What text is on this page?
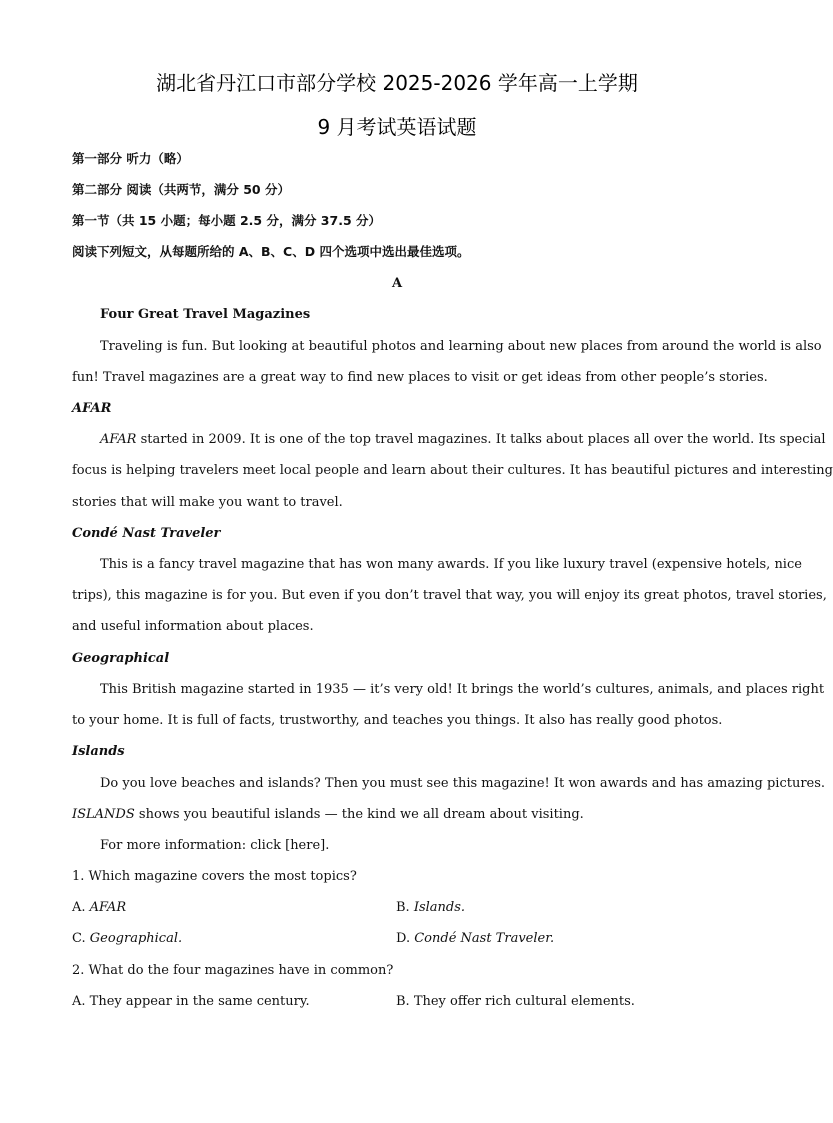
湖北省丹江口市部分学校 2025-2026 学年高一上学期
9 月考试英语试题
第一部分 听力（略）
第二部分 阅读（共两节，满分 50 分）
第一节（共 15 小题；每小题 2.5 分，满分 37.5 分）
阅读下列短文，从每题所给的 A、B、C、D 四个选项中选出最佳选项。
A
Four Great Travel Magazines
Traveling is fun. But looking at beautiful photos and learning about new places from around the world is also
fun! Travel magazines are a great way to find new places to visit or get ideas from other people’s stories.
AFAR
AFAR started in 2009. It is one of the top travel magazines. It talks about places all over the world. Its special
focus is helping travelers meet local people and learn about their cultures. It has beautiful pictures and interesting
stories that will make you want to travel.
Condé Nast Traveler
This is a fancy travel magazine that has won many awards. If you like luxury travel (expensive hotels, nice
trips), this magazine is for you. But even if you don’t travel that way, you will enjoy its great photos, travel stories,
and useful information about places.
Geographical
This British magazine started in 1935 — it’s very old! It brings the world’s cultures, animals, and places right
to your home. It is full of facts, trustworthy, and teaches you things. It also has really good photos.
Islands
Do you love beaches and islands? Then you must see this magazine! It won awards and has amazing pictures.
ISLANDS shows you beautiful islands — the kind we all dream about visiting.
For more information: click [here].
1. Which magazine covers the most topics?
A. AFAR	B. Islands.
C. Geographical.	D. Condé Nast Traveler.
2. What do the four magazines have in common?
A. They appear in the same century.	B. They offer rich cultural elements.
